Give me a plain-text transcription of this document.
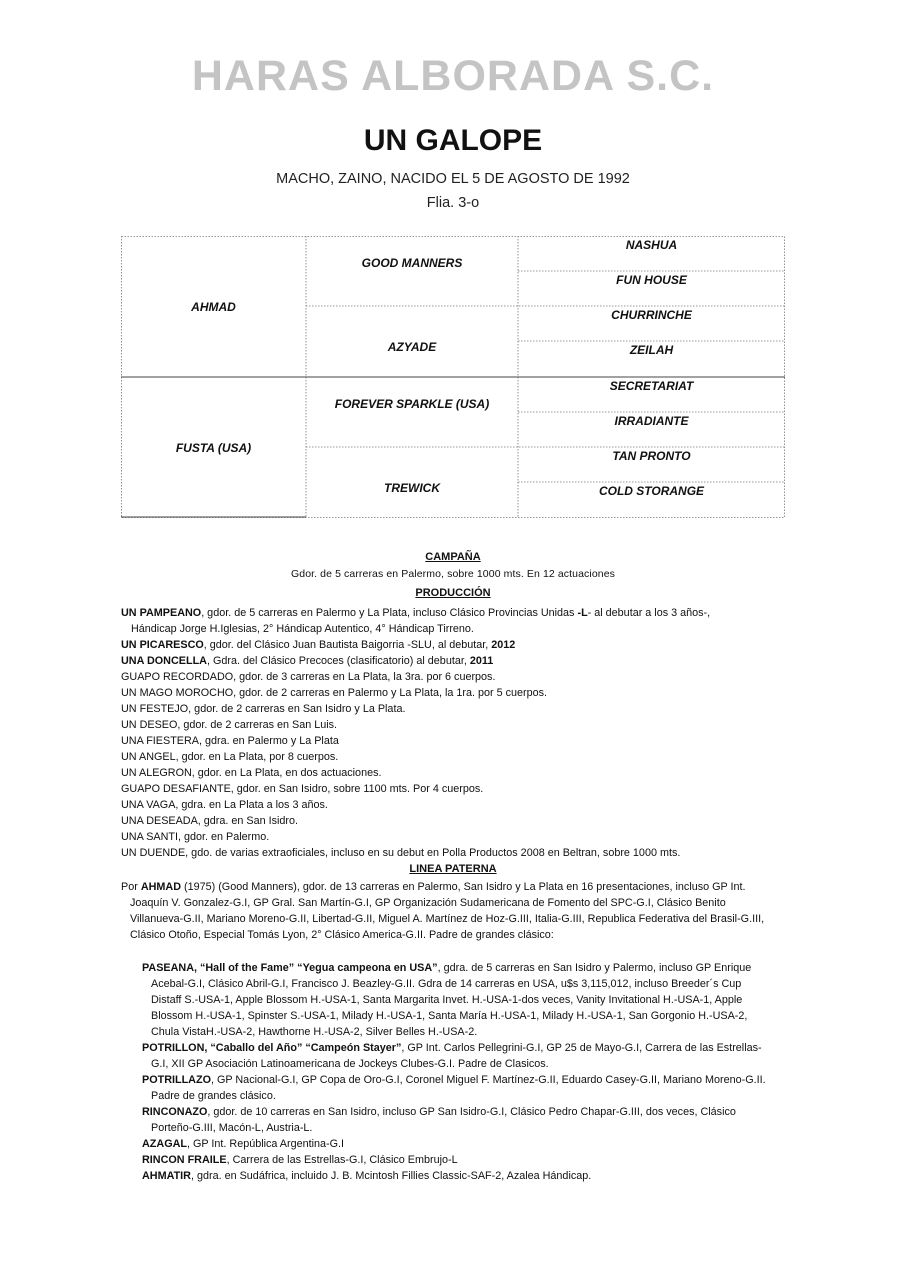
HARAS ALBORADA S.C.
UN GALOPE
MACHO, ZAINO, NACIDO EL 5 DE AGOSTO DE 1992
Flia. 3-o
AHMAD
FUSTA (USA)
GOOD MANNERS
AZYADE
FOREVER SPARKLE (USA)
TREWICK
NASHUA
FUN HOUSE
CHURRINCHE
ZEILAH
SECRETARIAT
IRRADIANTE
TAN PRONTO
COLD STORANGE
CAMPAÑA
Gdor. de 5 carreras en Palermo, sobre 1000 mts. En 12 actuaciones
PRODUCCIÓN
UN PAMPEANO, gdor. de 5 carreras en Palermo y La Plata, incluso Clásico Provincias Unidas -L- al debutar a los 3 años-,
Hándicap Jorge H.Iglesias, 2° Hándicap Autentico, 4° Hándicap Tirreno.
UN PICARESCO, gdor. del Clásico Juan Bautista Baigorria -SLU, al debutar, 2012
UNA DONCELLA, Gdra. del Clásico Precoces (clasificatorio) al debutar, 2011
GUAPO RECORDADO, gdor. de 3 carreras en La Plata, la 3ra. por 6 cuerpos.
UN MAGO MOROCHO, gdor. de 2 carreras en Palermo y La Plata, la 1ra. por 5 cuerpos.
UN FESTEJO, gdor. de 2 carreras en San Isidro y La Plata.
UN DESEO, gdor. de 2 carreras en San Luis.
UNA FIESTERA, gdra. en Palermo y La Plata
UN ANGEL, gdor. en La Plata, por 8 cuerpos.
UN ALEGRON, gdor. en La Plata, en dos actuaciones.
GUAPO DESAFIANTE, gdor. en San Isidro, sobre 1100 mts. Por 4 cuerpos.
UNA VAGA, gdra. en La Plata a los 3 años.
UNA DESEADA, gdra. en San Isidro.
UNA SANTI, gdor. en Palermo.
UN DUENDE, gdo. de varias extraoficiales, incluso en su debut en Polla Productos 2008 en Beltran, sobre 1000 mts.
LINEA PATERNA
Por AHMAD (1975) (Good Manners), gdor. de 13 carreras en Palermo, San Isidro y La Plata en 16 presentaciones, incluso GP Int. Joaquín V. Gonzalez-G.I, GP Gral. San Martín-G.I, GP Organización Sudamericana de Fomento del SPC-G.I, Clásico Benito Villanueva-G.II, Mariano Moreno-G.II, Libertad-G.II, Miguel A. Martínez de Hoz-G.III, Italia-G.III, Republica Federativa del Brasil-G.III, Clásico Otoño, Especial Tomás Lyon, 2° Clásico America-G.II. Padre de grandes clásico:
PASEANA, “Hall of the Fame” “Yegua campeona en USA”, gdra. de 5 carreras en San Isidro y Palermo, incluso GP Enrique Acebal-G.I, Clásico Abril-G.I, Francisco J. Beazley-G.II. Gdra de 14 carreras en USA, u$s 3,115,012, incluso Breeder´s Cup Distaff S.-USA-1, Apple Blossom H.-USA-1, Santa Margarita Invet. H.-USA-1-dos veces, Vanity Invitational H.-USA-1, Apple Blossom H.-USA-1, Spinster S.-USA-1, Milady H.-USA-1, Santa María H.-USA-1, Milady H.-USA-1, San Gorgonio H.-USA-2, Chula VistaH.-USA-2, Hawthorne H.-USA-2, Silver Belles H.-USA-2.
POTRILLON, “Caballo del Año” “Campeón Stayer”, GP Int. Carlos Pellegrini-G.I, GP 25 de Mayo-G.I, Carrera de las Estrellas-G.I, XII GP Asociación Latinoamericana de Jockeys Clubes-G.I. Padre de Clasicos.
POTRILLAZO, GP Nacional-G.I, GP Copa de Oro-G.I, Coronel Miguel F. Martínez-G.II, Eduardo Casey-G.II, Mariano Moreno-G.II. Padre de grandes clásico.
RINCONAZO, gdor. de 10 carreras en San Isidro, incluso GP San Isidro-G.I, Clásico Pedro Chapar-G.III, dos veces, Clásico Porteño-G.III, Macón-L, Austria-L.
AZAGAL, GP Int. República Argentina-G.I
RINCON FRAILE, Carrera de las Estrellas-G.I, Clásico Embrujo-L
AHMATIR, gdra. en Sudáfrica, incluido J. B. Mcintosh Fillies Classic-SAF-2, Azalea Hándicap.
